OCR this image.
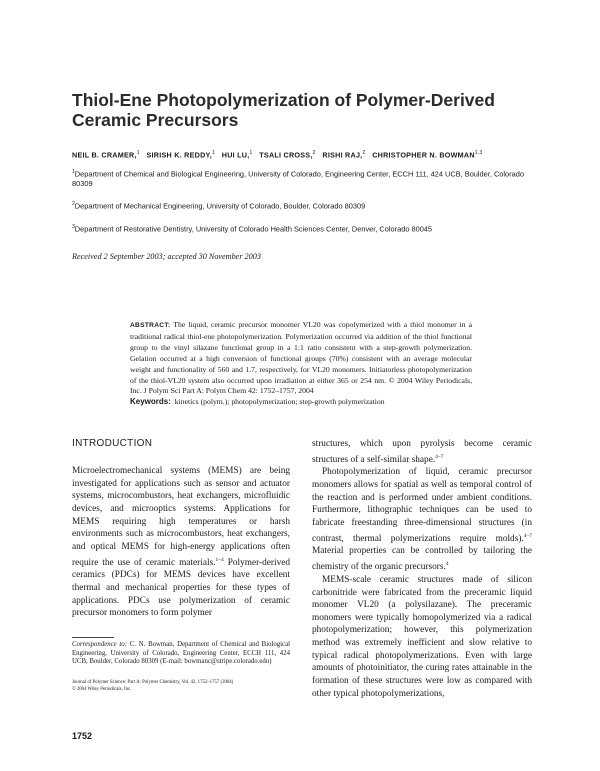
Thiol-Ene Photopolymerization of Polymer-Derived Ceramic Precursors
NEIL B. CRAMER,$^1$ SIRISH K. REDDY,$^1$ HUI LU,$^1$ TSALI CROSS,$^2$ RISHI RAJ,$^2$ CHRISTOPHER N. BOWMAN$^{1,3}$
$^1$Department of Chemical and Biological Engineering, University of Colorado, Engineering Center, ECCH 111, 424 UCB, Boulder, Colorado 80309
$^2$Department of Mechanical Engineering, University of Colorado, Boulder, Colorado 80309
$^3$Department of Restorative Dentistry, University of Colorado Health Sciences Center, Denver, Colorado 80045
Received 2 September 2003; accepted 30 November 2003
ABSTRACT: The liquid, ceramic precursor monomer VL20 was copolymerized with a thiol monomer in a traditional radical thiol-ene photopolymerization. Polymerization occurred via addition of the thiol functional group to the vinyl silazane functional group in a 1:1 ratio consistent with a step-growth polymerization. Gelation occurred at a high conversion of functional groups (70%) consistent with an average molecular weight and functionality of 560 and 1.7, respectively, for VL20 monomers. Initiatorless photopolymerization of the thiol-VL20 system also occurred upon irradiation at either 365 or 254 nm. © 2004 Wiley Periodicals, Inc. J Polym Sci Part A: Polym Chem 42: 1752–1757, 2004
Keywords: kinetics (polym.); photopolymerization; step-growth polymerization
INTRODUCTION

Microelectromechanical systems (MEMS) are being investigated for applications such as sensor and actuator systems, microcombustors, heat exchangers, microfluidic devices, and microoptics systems. Applications for MEMS requiring high temperatures or harsh environments such as microcombustors, heat exchangers, and optical MEMS for high-energy applications often require the use of ceramic materials.$^{1-4}$ Polymer-derived ceramics (PDCs) for MEMS devices have excellent thermal and mechanical properties for these types of applications. PDCs use polymerization of ceramic precursor monomers to form polymer

structures, which upon pyrolysis become ceramic structures of a self-similar shape.$^{4-7}$

Photopolymerization of liquid, ceramic precursor monomers allows for spatial as well as temporal control of the reaction and is performed under ambient conditions. Furthermore, lithographic techniques can be used to fabricate freestanding three-dimensional structures (in contrast, thermal polymerizations require molds).$^{4-7}$ Material properties can be controlled by tailoring the chemistry of the organic precursors.$^4$

MEMS-scale ceramic structures made of silicon carbonitride were fabricated from the preceramic liquid monomer VL20 (a polysilazane). The preceramic monomers were typically homopolymerized via a radical photopolymerization; however, this polymerization method was extremely inefficient and slow relative to typical radical photopolymerizations. Even with large amounts of photoinitiator, the curing rates attainable in the formation of these structures were low as compared with other typical photopolymerizations,

Correspondence to: C. N. Bowman, Department of Chemical and Biological Engineering, University of Colorado, Engineering Center, ECCH 111, 424 UCB, Boulder, Colorado 80309 (E-mail: bowmanc@stripe.colorado.edu)
Journal of Polymer Science: Part A: Polymer Chemistry, Vol. 42, 1752–1757 (2004)
© 2004 Wiley Periodicals, Inc.
1752
